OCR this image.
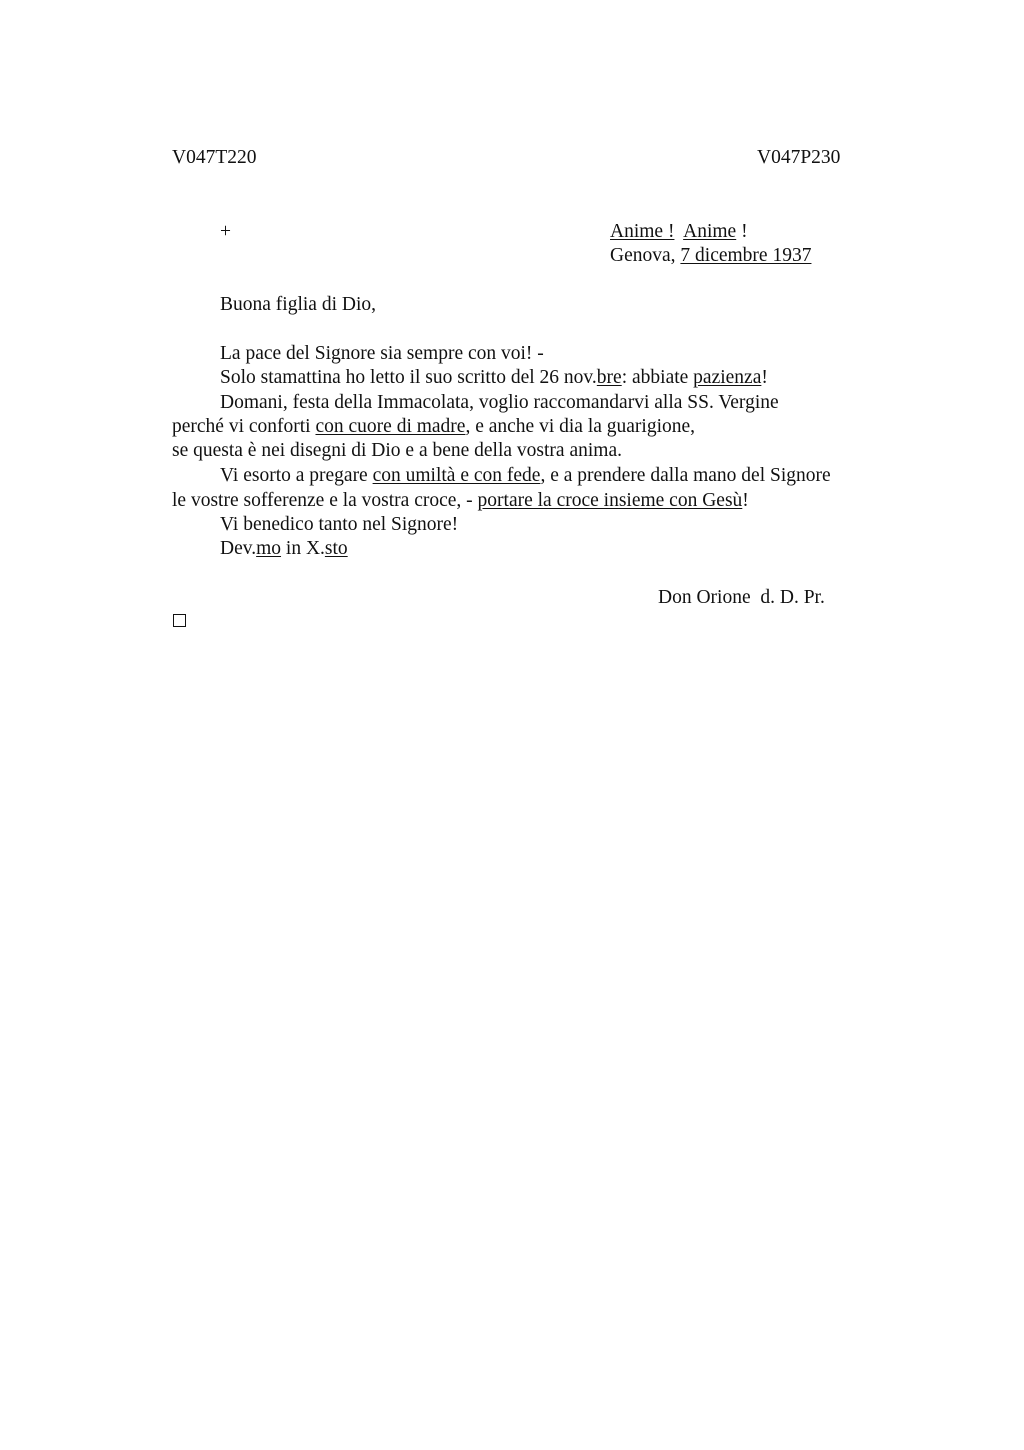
V047T220	V047P230
+	Anime ! Anime !
Genova, 7 dicembre 1937
Buona figlia di Dio,
La pace del Signore sia sempre con voi! -
Solo stamattina ho letto il suo scritto del 26 nov.bre: abbiate pazienza!
Domani, festa della Immacolata, voglio raccomandarvi alla SS. Vergine
perché vi conforti con cuore di madre, e anche vi dia la guarigione,
se questa è nei disegni di Dio e a bene della vostra anima.
Vi esorto a pregare con umiltà e con fede, e a prendere dalla mano del Signore
le vostre sofferenze e la vostra croce, - portare la croce insieme con Gesù!
Vi benedico tanto nel Signore!
Dev.mo in X.sto
Don Orione  d. D. Pr.
